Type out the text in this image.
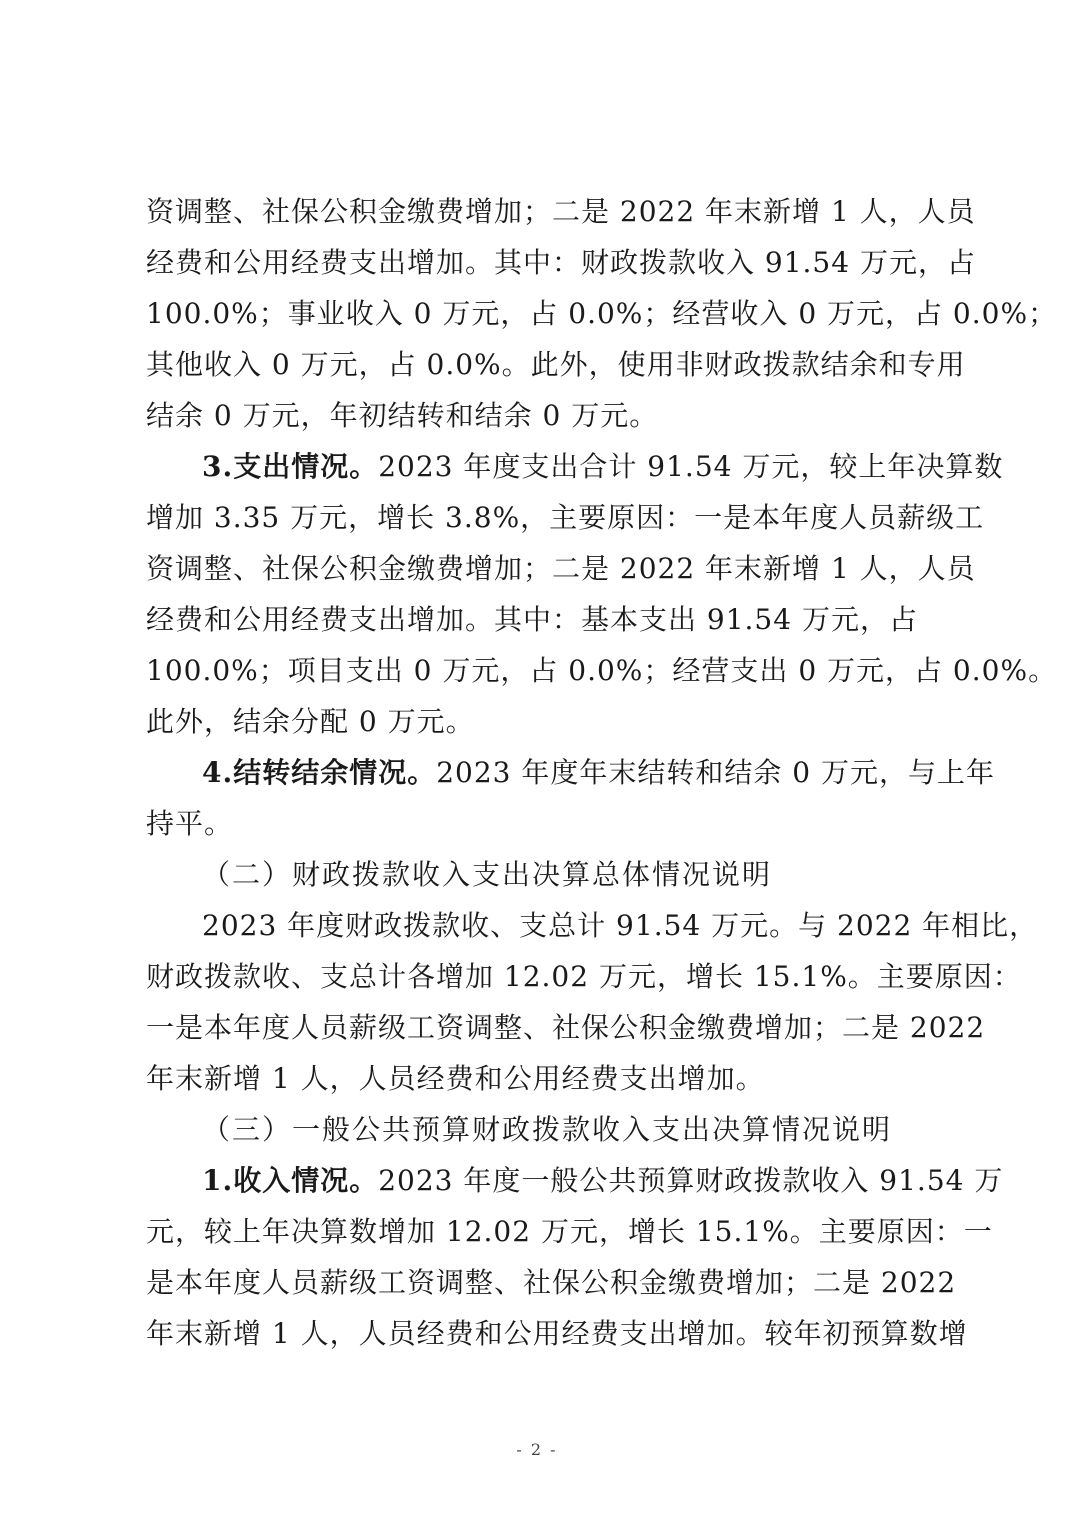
资调整、社保公积金缴费增加；二是 2022 年末新增 1 人，人员
经费和公用经费支出增加。其中：财政拨款收入 91.54 万元，占
100.0%；事业收入 0 万元，占 0.0%；经营收入 0 万元，占 0.0%；
其他收入 0 万元，占 0.0%。此外，使用非财政拨款结余和专用
结余 0 万元，年初结转和结余 0 万元。
3.支出情况。2023 年度支出合计 91.54 万元，较上年决算数
增加 3.35 万元，增长 3.8%，主要原因：一是本年度人员薪级工
资调整、社保公积金缴费增加；二是 2022 年末新增 1 人，人员
经费和公用经费支出增加。其中：基本支出 91.54 万元，占
100.0%；项目支出 0 万元，占 0.0%；经营支出 0 万元，占 0.0%。
此外，结余分配 0 万元。
4.结转结余情况。2023 年度年末结转和结余 0 万元，与上年
持平。
（二）财政拨款收入支出决算总体情况说明
2023 年度财政拨款收、支总计 91.54 万元。与 2022 年相比，
财政拨款收、支总计各增加 12.02 万元，增长 15.1%。主要原因：
一是本年度人员薪级工资调整、社保公积金缴费增加；二是 2022
年末新增 1 人，人员经费和公用经费支出增加。
（三）一般公共预算财政拨款收入支出决算情况说明
1.收入情况。2023 年度一般公共预算财政拨款收入 91.54 万
元，较上年决算数增加 12.02 万元，增长 15.1%。主要原因：一
是本年度人员薪级工资调整、社保公积金缴费增加；二是 2022
年末新增 1 人，人员经费和公用经费支出增加。较年初预算数增
- 2 -
